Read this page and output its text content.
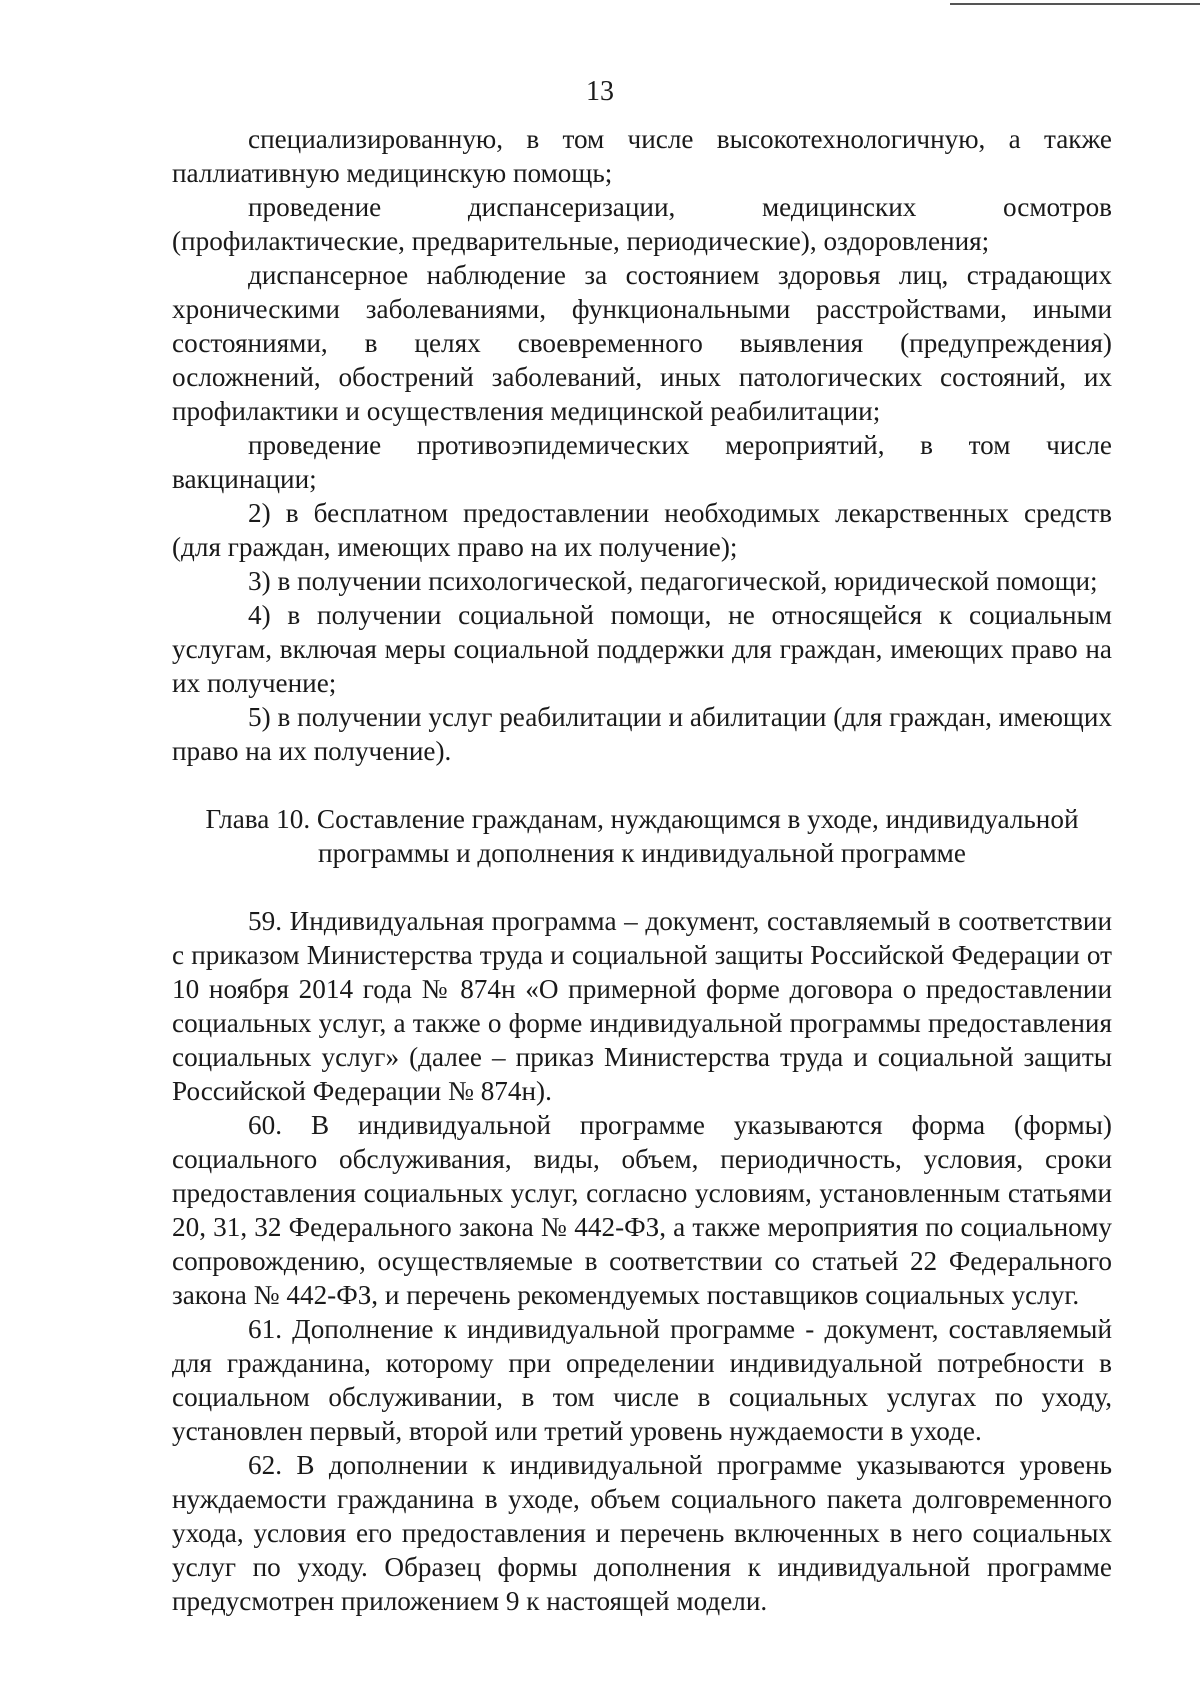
13

специализированную, в том числе высокотехнологичную, а также паллиативную медицинскую помощь;

проведение диспансеризации, медицинских осмотров (профилактические, предварительные, периодические), оздоровления;

диспансерное наблюдение за состоянием здоровья лиц, страдающих хроническими заболеваниями, функциональными расстройствами, иными состояниями, в целях своевременного выявления (предупреждения) осложнений, обострений заболеваний, иных патологических состояний, их профилактики и осуществления медицинской реабилитации;

проведение противоэпидемических мероприятий, в том числе вакцинации;

2) в бесплатном предоставлении необходимых лекарственных средств (для граждан, имеющих право на их получение);

3) в получении психологической, педагогической, юридической помощи;

4) в получении социальной помощи, не относящейся к социальным услугам, включая меры социальной поддержки для граждан, имеющих право на их получение;

5) в получении услуг реабилитации и абилитации (для граждан, имеющих право на их получение).

Глава 10. Составление гражданам, нуждающимся в уходе, индивидуальной
программы и дополнения к индивидуальной программе

59. Индивидуальная программа – документ, составляемый в соответствии с приказом Министерства труда и социальной защиты Российской Федерации от 10 ноября 2014 года № 874н «О примерной форме договора о предоставлении социальных услуг, а также о форме индивидуальной программы предоставления социальных услуг» (далее – приказ Министерства труда и социальной защиты Российской Федерации № 874н).

60. В индивидуальной программе указываются форма (формы) социального обслуживания, виды, объем, периодичность, условия, сроки предоставления социальных услуг, согласно условиям, установленным статьями 20, 31, 32 Федерального закона № 442-ФЗ, а также мероприятия по социальному сопровождению, осуществляемые в соответствии со статьей 22 Федерального закона № 442-ФЗ, и перечень рекомендуемых поставщиков социальных услуг.

61. Дополнение к индивидуальной программе - документ, составляемый для гражданина, которому при определении индивидуальной потребности в социальном обслуживании, в том числе в социальных услугах по уходу, установлен первый, второй или третий уровень нуждаемости в уходе.

62. В дополнении к индивидуальной программе указываются уровень нуждаемости гражданина в уходе, объем социального пакета долговременного ухода, условия его предоставления и перечень включенных в него социальных услуг по уходу. Образец формы дополнения к индивидуальной программе предусмотрен приложением 9 к настоящей модели.
